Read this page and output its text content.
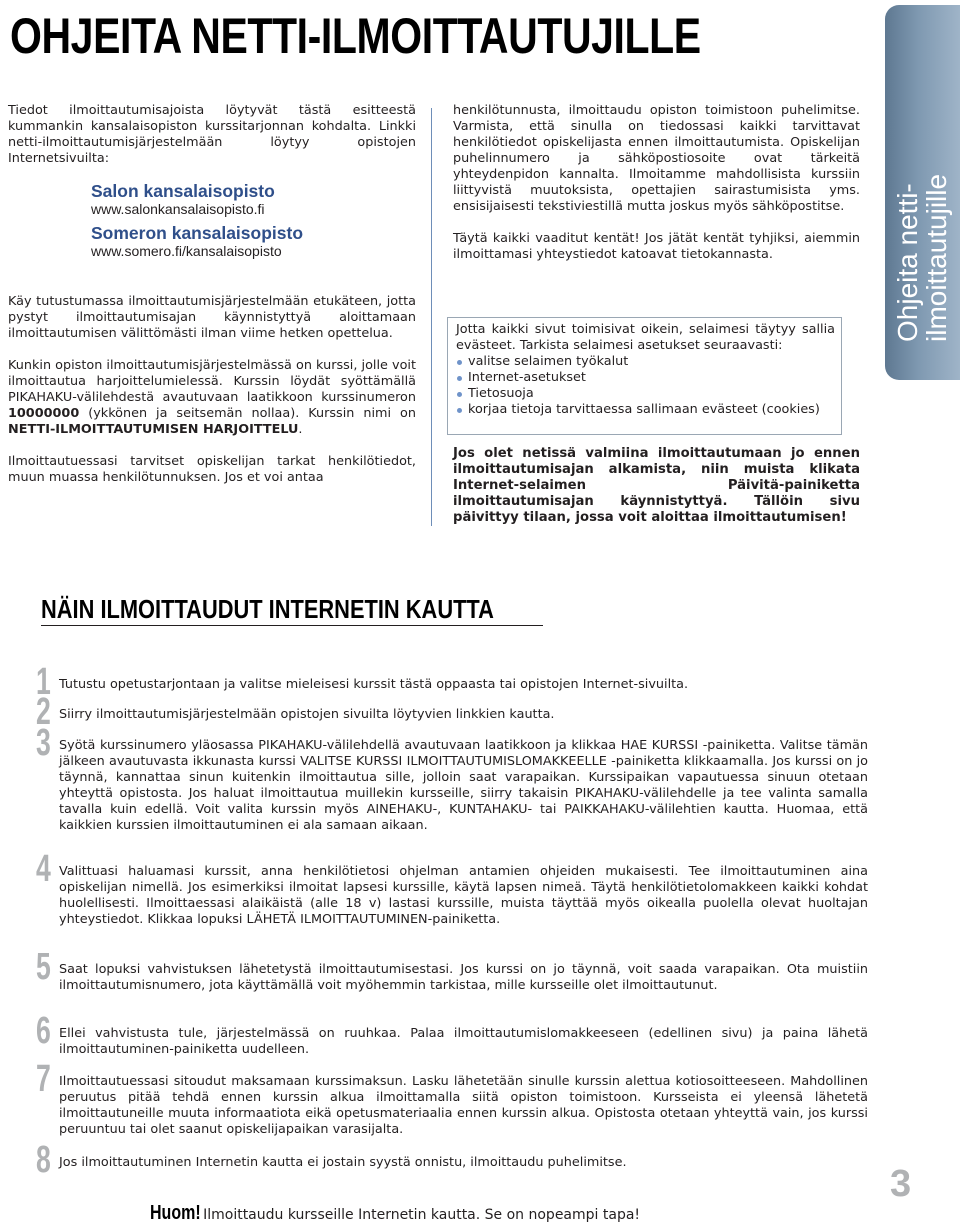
OHJEITA NETTI-ILMOITTAUTUJILLE
Ohjeita netti-
ilmoittautujille

Tiedot ilmoittautumisajoista löytyvät tästä esitteestä kummankin kansalaisopiston kurssitarjonnan kohdalta. Linkki netti-ilmoittautumisjärjestelmään löytyy opistojen Internetsivuilta:

Salon kansalaisopisto
www.salonkansalaisopisto.fi
Someron kansalaisopisto
www.somero.fi/kansalaisopisto

Käy tutustumassa ilmoittautumisjärjestelmään etukäteen, jotta pystyt ilmoittautumisajan käynnistyttyä aloittamaan ilmoittautumisen välittömästi ilman viime hetken opettelua.

Kunkin opiston ilmoittautumisjärjestelmässä on kurssi, jolle voit ilmoittautua harjoittelumielessä. Kurssin löydät syöttämällä PIKAHAKU-välilehdestä avautuvaan laatikkoon kurssinumeron 10000000 (ykkönen ja seitsemän nollaa). Kurssin nimi on NETTI-ILMOITTAUTUMISEN HARJOITTELU.

Ilmoittautuessasi tarvitset opiskelijan tarkat henkilötiedot, muun muassa henkilötunnuksen. Jos et voi antaa

henkilötunnusta, ilmoittaudu opiston toimistoon puhelimitse. Varmista, että sinulla on tiedossasi kaikki tarvittavat henkilötiedot opiskelijasta ennen ilmoittautumista. Opiskelijan puhelinnumero ja sähköpostiosoite ovat tärkeitä yhteydenpidon kannalta. Ilmoitamme mahdollisista kurssiin liittyvistä muutoksista, opettajien sairastumisista yms. ensisijaisesti tekstiviestillä mutta joskus myös sähköpostitse.

Täytä kaikki vaaditut kentät! Jos jätät kentät tyhjiksi, aiemmin ilmoittamasi yhteystiedot katoavat tietokannasta.

Jotta kaikki sivut toimisivat oikein, selaimesi täytyy sallia evästeet. Tarkista selaimesi asetukset seuraavasti:

valitse selaimen työkalut
Internet-asetukset
Tietosuoja
korjaa tietoja tarvittaessa sallimaan evästeet (cookies)

Jos olet netissä valmiina ilmoittautumaan jo ennen ilmoittautumisajan alkamista, niin muista klikata Internet-selaimen Päivitä-painiketta ilmoittautumisajan käynnistyttyä. Tällöin sivu päivittyy tilaan, jossa voit aloittaa ilmoittautumisen!

NÄIN ILMOITTAUDUT INTERNETIN KAUTTA
1 Tutustu opetustarjontaan ja valitse mieleisesi kurssit tästä oppaasta tai opistojen Internet-sivuilta.
2 Siirry ilmoittautumisjärjestelmään opistojen sivuilta löytyvien linkkien kautta.
3 Syötä kurssinumero yläosassa PIKAHAKU-välilehdellä avautuvaan laatikkoon ja klikkaa HAE KURSSI -painiketta. Valitse tämän jälkeen avautuvasta ikkunasta kurssi VALITSE KURSSI ILMOITTAUTUMISLOMAKKEELLE -painiketta klikkaamalla. Jos kurssi on jo täynnä, kannattaa sinun kuitenkin ilmoittautua sille, jolloin saat varapaikan. Kurssipaikan vapautuessa sinuun otetaan yhteyttä opistosta. Jos haluat ilmoittautua muillekin kursseille, siirry takaisin PIKAHAKU-välilehdelle ja tee valinta samalla tavalla kuin edellä. Voit valita kurssin myös AINEHAKU-, KUNTAHAKU- tai PAIKKAHAKU-välilehtien kautta. Huomaa, että kaikkien kurssien ilmoittautuminen ei ala samaan aikaan.
4 Valittuasi haluamasi kurssit, anna henkilötietosi ohjelman antamien ohjeiden mukaisesti. Tee ilmoittautuminen aina opiskelijan nimellä. Jos esimerkiksi ilmoitat lapsesi kurssille, käytä lapsen nimeä. Täytä henkilötietolomakkeen kaikki kohdat huolellisesti. Ilmoittaessasi alaikäistä (alle 18 v) lastasi kurssille, muista täyttää myös oikealla puolella olevat huoltajan yhteystiedot. Klikkaa lopuksi LÄHETÄ ILMOITTAUTUMINEN-painiketta.
5 Saat lopuksi vahvistuksen lähetetystä ilmoittautumisestasi. Jos kurssi on jo täynnä, voit saada varapaikan. Ota muistiin ilmoittautumisnumero, jota käyttämällä voit myöhemmin tarkistaa, mille kursseille olet ilmoittautunut.
6 Ellei vahvistusta tule, järjestelmässä on ruuhkaa. Palaa ilmoittautumislomakkeeseen (edellinen sivu) ja paina lähetä ilmoittautuminen-painiketta uudelleen.
7 Ilmoittautuessasi sitoudut maksamaan kurssimaksun. Lasku lähetetään sinulle kurssin alettua kotiosoitteeseen. Mahdollinen peruutus pitää tehdä ennen kurssin alkua ilmoittamalla siitä opiston toimistoon. Kursseista ei yleensä lähetetä ilmoittautuneille muuta informaatiota eikä opetusmateriaalia ennen kurssin alkua. Opistosta otetaan yhteyttä vain, jos kurssi peruuntuu tai olet saanut opiskelijapaikan varasijalta.
8 Jos ilmoittautuminen Internetin kautta ei jostain syystä onnistu, ilmoittaudu puhelimitse.
Huom! Ilmoittaudu kursseille Internetin kautta. Se on nopeampi tapa!
3
